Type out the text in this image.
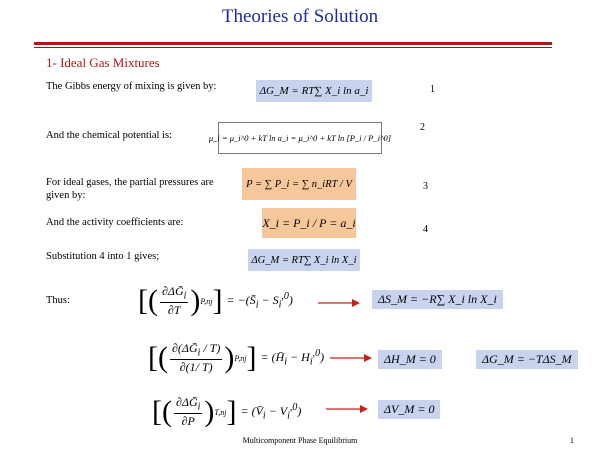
Theories of Solution
1- Ideal Gas Mixtures
The Gibbs energy of mixing is given by:	ΔG_M = RT∑ X_i ln a_i	1
And the chemical potential is:	μ_i = μ_i^0 + kT ln a_i = μ_i^0 + kT ln [P_i / P_i^0]
2
For ideal gases, the partial pressures are given by:
P = ∑ P_i = ∑ n_iRT / V	3
And the activity coefficients are:	X_i = P_i / P = a_i	4
Substitution 4 into 1 gives;	ΔG_M = RT∑ X_i ln X_i
Thus: [( $\frac{\partial\Delta Ḡ_i}{\partial T}$ ) P,nj ] = $-(S̄_i - S_i^{,0})$	ΔS_M = −R∑ X_i ln X_i
[( $\frac{\partial(\Delta Ḡ_i / T)}{\partial(1/ T)}$ ) P,nj ] = $(H̄_i - H_i^{,0})$	ΔH_M = 0	ΔG_M = −TΔS_M
[( $\frac{\partial\Delta Ḡ_i}{\partial P}$ ) T,nj ] = $(V̄_i - V_i^{,0})$	ΔV_M = 0
Multicomponent Phase Equilibrium	1
